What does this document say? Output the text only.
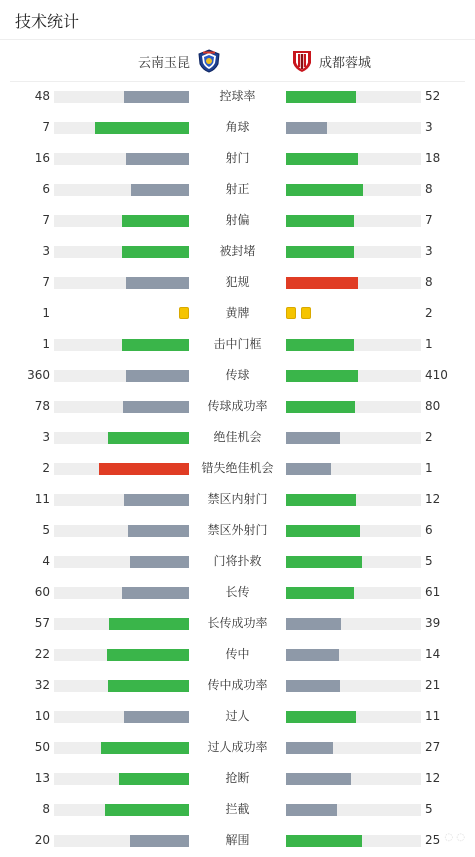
技术统计
云南玉昆	成都蓉城
48	控球率	52
7	角球	3
16	射门	18
6	射正	8
7	射偏	7
3	被封堵	3
7	犯规	8
1	黄牌	2
1	击中门框	1
360	传球	410
78	传球成功率	80
3	绝佳机会	2
2	错失绝佳机会	1
11	禁区内射门	12
5	禁区外射门	6
4	门将扑救	5
60	长传	61
57	长传成功率	39
22	传中	14
32	传中成功率	21
10	过人	11
50	过人成功率	27
13	抢断	12
8	拦截	5
20	解围	25 ◌ ◌
